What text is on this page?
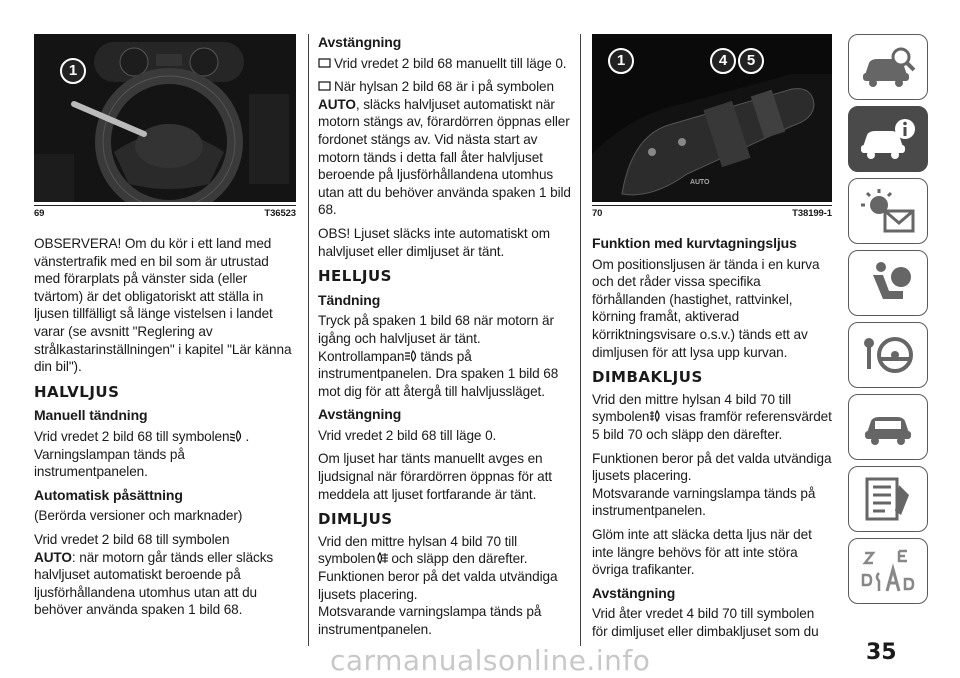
1
69	T36523

OBSERVERA! Om du kör i ett land med vänstertrafik med en bil som är utrustad med förarplats på vänster sida (eller tvärtom) är det obligatoriskt att ställa in ljusen tillfälligt så länge vistelsen i landet varar (se avsnitt "Reglering av strålkastarinställningen" i kapitel "Lär känna din bil").

HALVLJUS
Manuell tändning

Vrid vredet 2 bild 68 till symbolen .
Varningslampan tänds på instrumentpanelen.

Automatisk påsättning

(Berörda versioner och marknader)

Vrid vredet 2 bild 68 till symbolen
AUTO: när motorn går tänds eller släcks halvljuset automatiskt beroende på ljusförhållandena utomhus utan att du behöver använda spaken 1 bild 68.

Avstängning

Vrid vredet 2 bild 68 manuellt till läge 0.

När hylsan 2 bild 68 är i på symbolen
AUTO, släcks halvljuset automatiskt när motorn stängs av, förardörren öppnas eller fordonet stängs av. Vid nästa start av motorn tänds i detta fall åter halvljuset beroende på ljusförhållandena utomhus utan att du behöver använda spaken 1 bild 68.

OBS! Ljuset släcks inte automatiskt om halvljuset eller dimljuset är tänt.

HELLJUS
Tändning

Tryck på spaken 1 bild 68 när motorn är igång och halvljuset är tänt.
Kontrollampan tänds på instrumentpanelen. Dra spaken 1 bild 68 mot dig för att återgå till halvljussläget.

Avstängning

Vrid vredet 2 bild 68 till läge 0.

Om ljuset har tänts manuellt avges en ljudsignal när förardörren öppnas för att meddela att ljuset fortfarande är tänt.

DIMLJUS

Vrid den mittre hylsan 4 bild 70 till
symbolen och släpp den därefter.
Funktionen beror på det valda utvändiga ljusets placering.
Motsvarande varningslampa tänds på instrumentpanelen.

AUTO
1	4	5
70	T38199-1
Funktion med kurvtagningsljus

Om positionsljusen är tända i en kurva och det råder vissa specifika förhållanden (hastighet, rattvinkel, körning framåt, aktiverad körriktningsvisare o.s.v.) tänds ett av dimljusen för att lysa upp kurvan.

DIMBAKLJUS

Vrid den mittre hylsan 4 bild 70 till
symbolen visas framför referensvärdet 5 bild 70 och släpp den därefter.

Funktionen beror på det valda utvändiga ljusets placering.
Motsvarande varningslampa tänds på instrumentpanelen.

Glöm inte att släcka detta ljus när det inte längre behövs för att inte störa övriga trafikanter.

Avstängning

Vrid åter vredet 4 bild 70 till symbolen för dimljuset eller dimbakljuset som du

35
carmanualsonline.info
